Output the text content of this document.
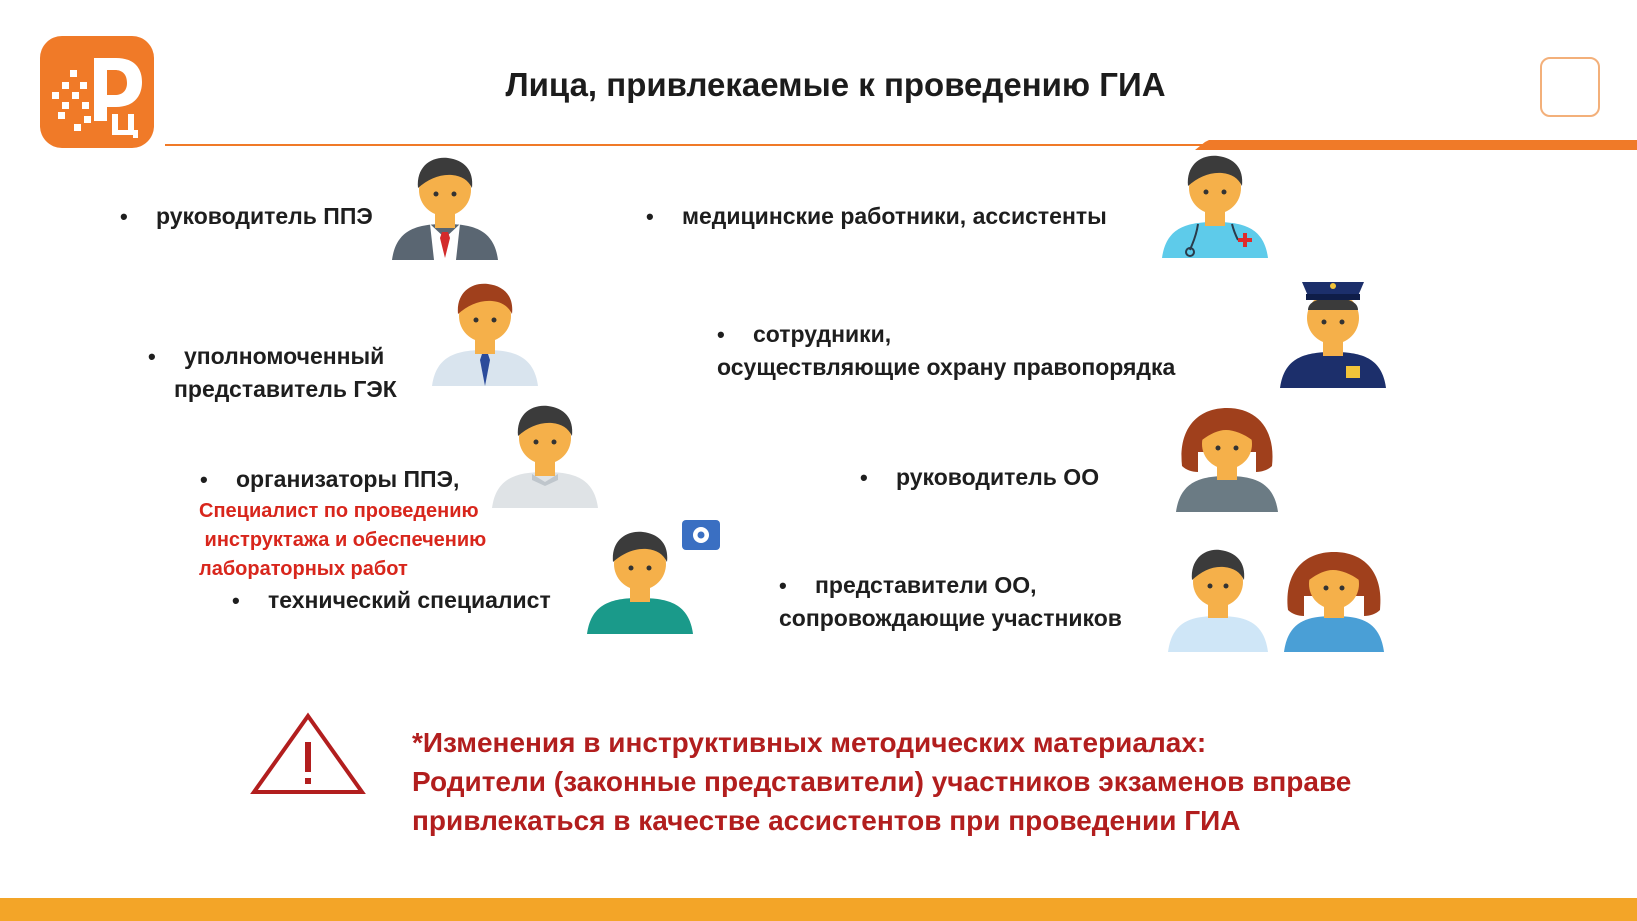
Лица, привлекаемые к проведению ГИА
• руководитель ППЭ
• уполномоченный
представитель ГЭК
• организаторы ППЭ,
Специалист по проведению
инструктажа и обеспечению
лабораторных работ
• технический специалист
• медицинские работники, ассистенты
• сотрудники,
осуществляющие охрану правопорядка
• руководитель ОО
• представители ОО,
сопровождающие участников
*Изменения в инструктивных методических материалах:
Родители (законные представители) участников экзаменов вправе
привлекаться в качестве ассистентов при проведении ГИА
